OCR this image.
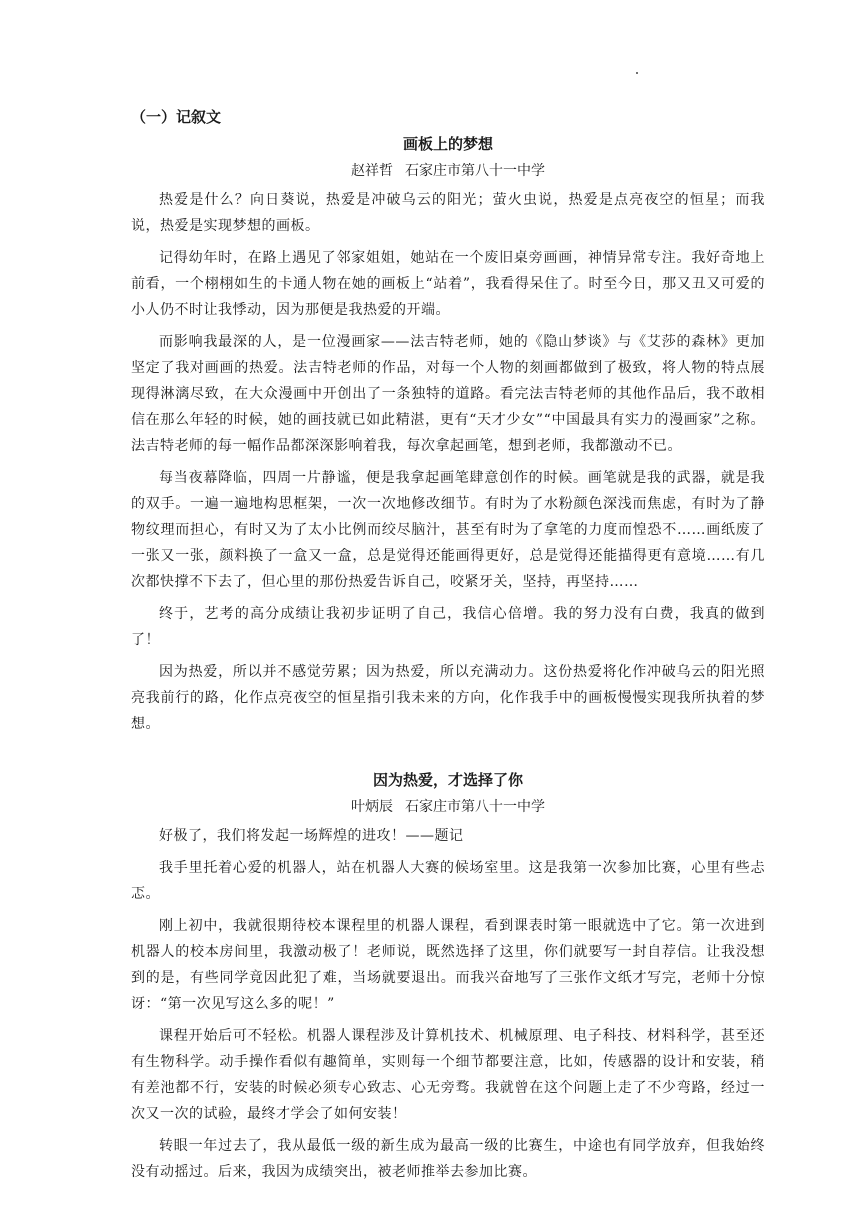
（一）记叙文
画板上的梦想
赵祥哲 石家庄市第八十一中学

热爱是什么？向日葵说，热爱是冲破乌云的阳光；萤火虫说，热爱是点亮夜空的恒星；而我说，热爱是实现梦想的画板。

记得幼年时，在路上遇见了邻家姐姐，她站在一个废旧桌旁画画，神情异常专注。我好奇地上前看，一个栩栩如生的卡通人物在她的画板上“站着”，我看得呆住了。时至今日，那又丑又可爱的小人仍不时让我悸动，因为那便是我热爱的开端。

而影响我最深的人，是一位漫画家——法吉特老师，她的《隐山梦谈》与《艾莎的森林》更加坚定了我对画画的热爱。法吉特老师的作品，对每一个人物的刻画都做到了极致，将人物的特点展现得淋漓尽致，在大众漫画中开创出了一条独特的道路。看完法吉特老师的其他作品后，我不敢相信在那么年轻的时候，她的画技就已如此精湛，更有“天才少女”“中国最具有实力的漫画家”之称。法吉特老师的每一幅作品都深深影响着我，每次拿起画笔，想到老师，我都激动不已。

每当夜幕降临，四周一片静谧，便是我拿起画笔肆意创作的时候。画笔就是我的武器，就是我的双手。一遍一遍地构思框架，一次一次地修改细节。有时为了水粉颜色深浅而焦虑，有时为了静物纹理而担心，有时又为了太小比例而绞尽脑汁，甚至有时为了拿笔的力度而惶恐不……画纸废了一张又一张，颜料换了一盒又一盒，总是觉得还能画得更好，总是觉得还能描得更有意境……有几次都快撑不下去了，但心里的那份热爱告诉自己，咬紧牙关，坚持，再坚持……

终于，艺考的高分成绩让我初步证明了自己，我信心倍增。我的努力没有白费，我真的做到了！

因为热爱，所以并不感觉劳累；因为热爱，所以充满动力。这份热爱将化作冲破乌云的阳光照亮我前行的路，化作点亮夜空的恒星指引我未来的方向，化作我手中的画板慢慢实现我所执着的梦想。

因为热爱，才选择了你
叶炳辰 石家庄市第八十一中学

好极了，我们将发起一场辉煌的进攻！——题记

我手里托着心爱的机器人，站在机器人大赛的候场室里。这是我第一次参加比赛，心里有些忐忑。

刚上初中，我就很期待校本课程里的机器人课程，看到课表时第一眼就选中了它。第一次进到机器人的校本房间里，我激动极了！老师说，既然选择了这里，你们就要写一封自荐信。让我没想到的是，有些同学竟因此犯了难，当场就要退出。而我兴奋地写了三张作文纸才写完，老师十分惊讶：“第一次见写这么多的呢！”

课程开始后可不轻松。机器人课程涉及计算机技术、机械原理、电子科技、材料科学，甚至还有生物科学。动手操作看似有趣简单，实则每一个细节都要注意，比如，传感器的设计和安装，稍有差池都不行，安装的时候必须专心致志、心无旁骛。我就曾在这个问题上走了不少弯路，经过一次又一次的试验，最终才学会了如何安装！

转眼一年过去了，我从最低一级的新生成为最高一级的比赛生，中途也有同学放弃，但我始终没有动摇过。后来，我因为成绩突出，被老师推举去参加比赛。
